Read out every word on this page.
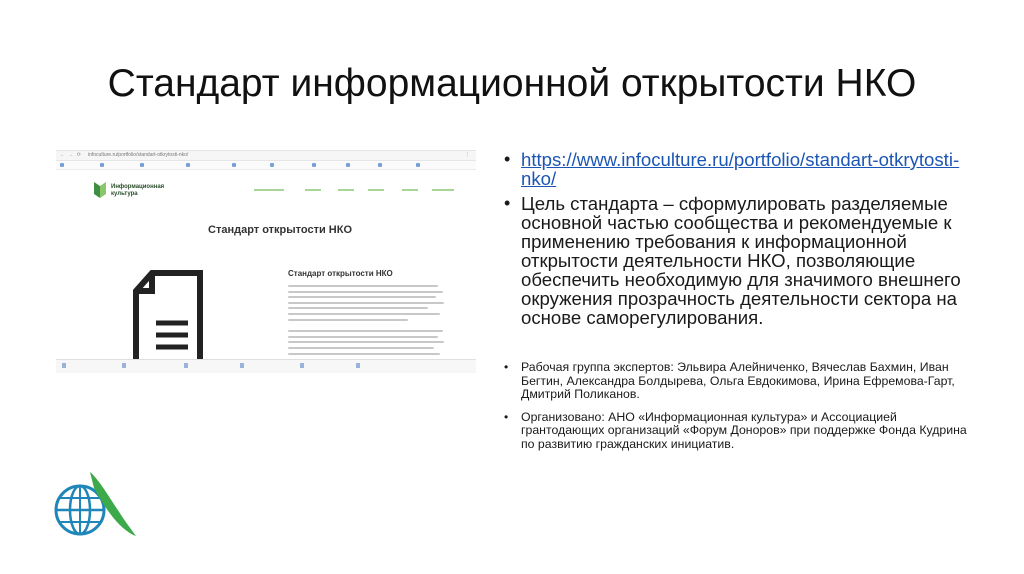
Стандарт информационной открытости НКО
← → ⟳ infoculture.ru/portfolio/standart-otkrytosti-nko/	⋮
Информационная
культура
Стандарт открытости НКО
Стандарт открытости НКО
• https://www.infoculture.ru/portfolio/standart-otkrytosti-nko/
• Цель стандарта – сформулировать разделяемые основной частью сообщества и рекомендуемые к применению требования к информационной открытости деятельности НКО, позволяющие обеспечить необходимую для значимого внешнего окружения прозрачность деятельности сектора на основе саморегулирования.
• Рабочая группа экспертов: Эльвира Алейниченко, Вячеслав Бахмин, Иван Бегтин, Александра Болдырева, Ольга Евдокимова, Ирина Ефремова-Гарт, Дмитрий Поликанов.
• Организовано: АНО «Информационная культура» и Ассоциацией грантодающих организаций «Форум Доноров» при поддержке Фонда Кудрина по развитию гражданских инициатив.
